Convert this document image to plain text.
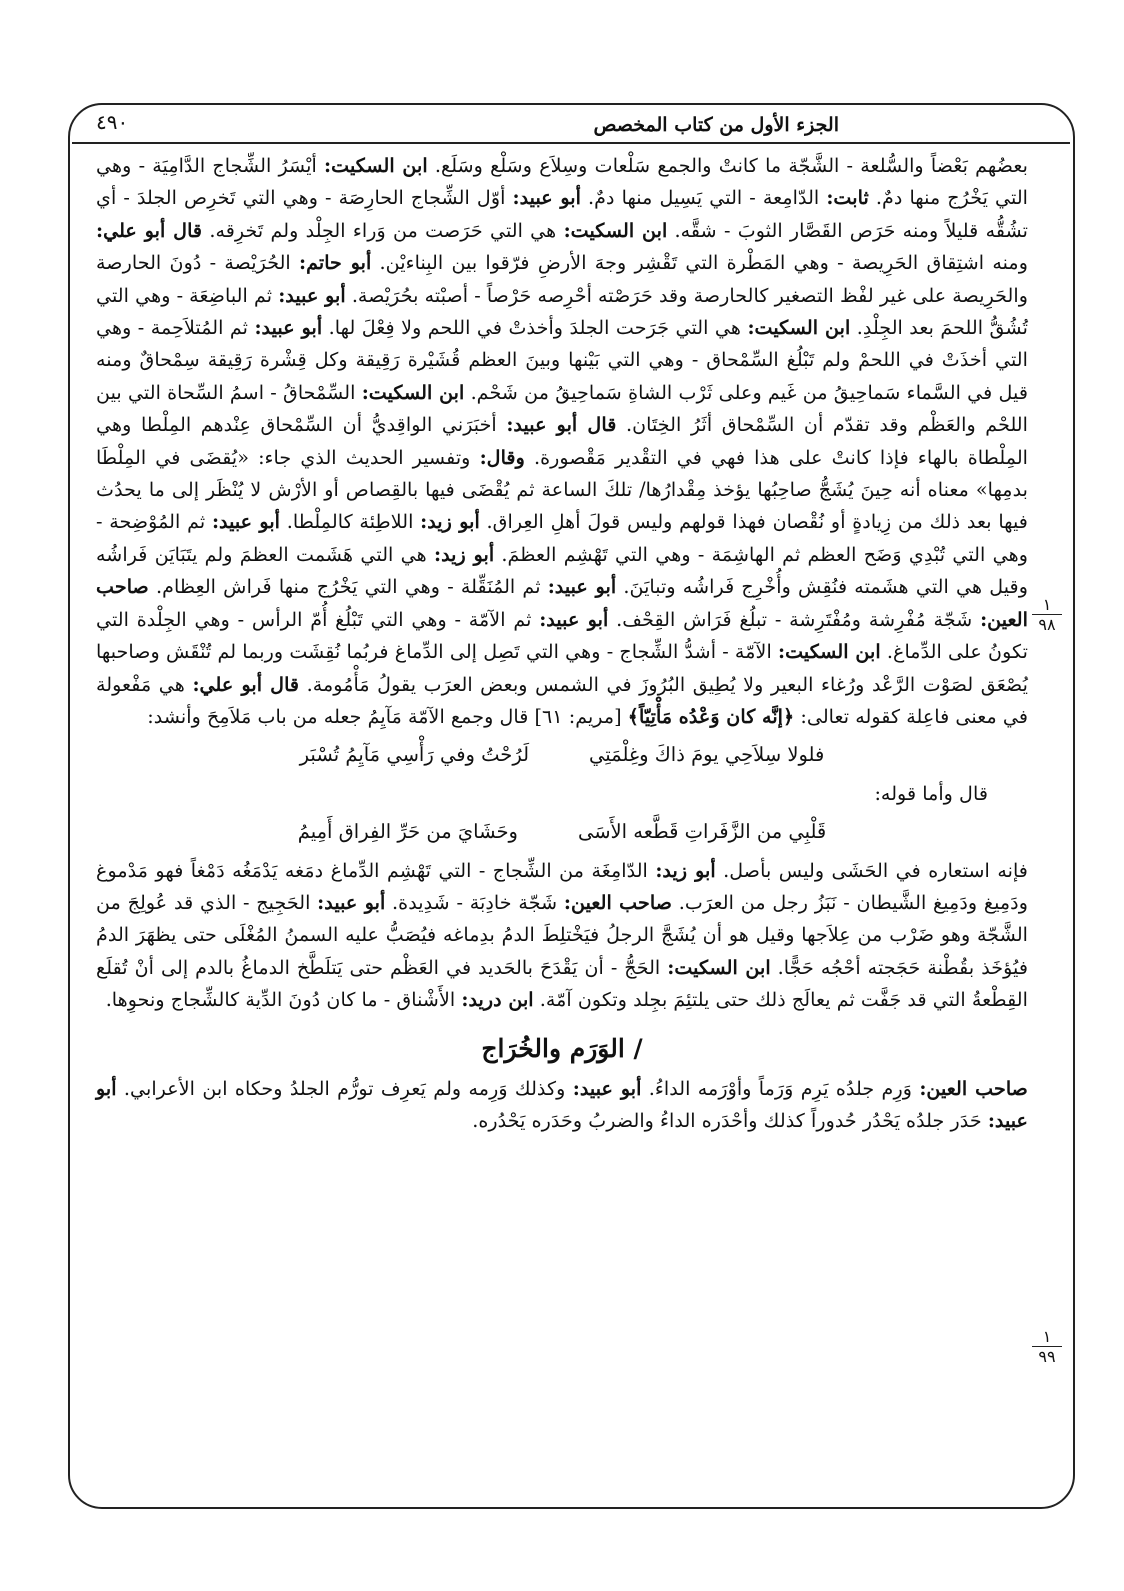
الجزء الأول من كتاب المخصص
٤٩٠

بعضُهم بَعْضاً والسُّلعة - الشَّجّة ما كانتْ والجمع سَلْعات وسِلاَع وسَلْع وسَلَع. ابن السكيت: أيْسَرُ الشِّجاج الدَّامِيَة - وهي التي يَخْرُج منها دمٌ. ثابت: الدّامِعة - التي يَسِيل منها دمٌ. أبو عبيد: أوّل الشِّجاج الحارِصَة - وهي التي تَخرِص الجلدَ - أي تشُقُّه قليلاً ومنه حَرَص القَصَّار الثوبَ - شقَّه. ابن السكيت: هي التي حَرَصت من وَراء الجِلْد ولم تَخرِقه. قال أبو علي: ومنه اشتِقاق الحَرِيصة - وهي المَطْرة التي تَقْشِر وجهَ الأرضِ فرّقوا بين البِناءيْن. أبو حاتم: الحُرَيْصة - دُونَ الحارصة والحَرِيصة على غير لفْظ التصغير كالحارصة وقد حَرَصْته أحْرِصه حَرْصاً - أصبْته بحُرَيْصة. أبو عبيد: ثم الباضِعَة - وهي التي تُشُقُّ اللحمَ بعد الجِلْدِ. ابن السكيت: هي التي جَرَحت الجلدَ وأخذتْ في اللحم ولا فِعْلَ لها. أبو عبيد: ثم المُتلاَحِمة - وهي التي أخذَتْ في اللحمْ ولم تَبْلُغ السِّمْحاق - وهي التي بَيْنها وبينَ العظم قُشَيْرة رَقِيقة وكل قِشْرة رَقِيقة سِمْحاقٌ ومنه قيل في السَّماء سَماحِيقُ من غَيم وعلى ثَرْب الشاةِ سَماحِيقُ من شَحْم. ابن السكيت: السِّمْحاقُ - اسمُ السِّحاة التي بين اللحْم والعَظْم وقد تقدّم أن السِّمْحاق أثَرُ الخِتَان. قال أبو عبيد: أخبَرَني الواقِديُّ أن السِّمْحاق عِنْدهم المِلْطا وهي المِلْطاة بالهاء فإذا كانتْ على هذا فهي في التقْدير مَقْصورة. وقال: وتفسير الحديث الذي جاء: «يُقضَى في المِلْطَا بدمِها» معناه أنه حِينَ يُشَجُّ صاحِبُها يؤخذ مِقْدارُها/ تلكَ الساعة ثم يُقْضَى فيها بالقِصاص أو الأرْش لا يُنْظَر إلى ما يحدُث فيها بعد ذلك من زِيادةٍ أو نُقْصان فهذا قولهم وليس قولَ أهلِ العِراق. أبو زيد: اللاطِئة كالمِلْطا. أبو عبيد: ثم المُوْضِحة - وهي التي تُبْدِي وَضَح العظم ثم الهاشِمَة - وهي التي تَهْشِم العظمَ. أبو زيد: هي التي هَشَمت العظمَ ولم يتَبَايَن فَراشُه وقيل هي التي هشَمته فنُقِش وأُخْرِج فَراشُه وتبايَنَ. أبو عبيد: ثم المُنَقِّلة - وهي التي يَخْرُج منها فَراش العِظام. صاحب العين: شَجّة مُفْرِشة ومُفْتَرِشة - تبلُغ فَرَاش القِحْف. أبو عبيد: ثم الآمّة - وهي التي تَبْلُغ أُمّ الرأس - وهي الجِلْدة التي تكونُ على الدِّماغ. ابن السكيت: الآمّة - أشدُّ الشِّجاج - وهي التي تَصِل إلى الدِّماغ فربُما نُقِشَت وربما لم تُنْقَش وصاحبها يُصْعَق لصَوْت الرَّعْد ورُغاء البعير ولا يُطِيق البُرُوزَ في الشمس وبعض العرَب يقولُ مَأْمُومة. قال أبو علي: هي مَفْعولة في معنى فاعِلة كقوله تعالى: ﴿إنَّه كان وَعْدُه مَأْتِيّاً﴾ [مريم: ٦١] قال وجمع الآمّة مَآيِمُ جعله من باب مَلاَمِحَ وأنشد:

فلولا سِلاَحِي يومَ ذاكَ وغِلْمَتِي
لَرُحْتُ وفي رَأْسِي مَآيِمُ تُسْبَر

قال وأما قوله:

قَلْبِي من الزَّفَراتِ قَطَّعه الأَسَى
وحَشَايَ من حَرِّ الفِراق أَمِيمُ

فإنه استعاره في الحَشَى وليس بأصل. أبو زيد: الدّامِغَة من الشِّجاج - التي تَهْشِم الدِّماغ دمَغه يَدْمَغُه دَمْغاً فهو مَدْموغ ودَمِيغ ودَمِيغ الشَّيطان - نَبَزُ رجل من العرَب. صاحب العين: شَجّة خادِبَة - شَدِيدة. أبو عبيد: الحَجِيج - الذي قد عُولِجَ من الشَّجّة وهو ضَرْب من عِلاَجها وقيل هو أن يُشَجَّ الرجلُ فيَخْتلِطَ الدمُ بدِماغه فيُصَبُّ عليه السمنُ المُغْلَى حتى يظهَرَ الدمُ فيُؤخَذ بقُطْنة حَجَجته أحْجُه حَجًّا. ابن السكيت: الحَجُّ - أن يَقْدَحَ بالحَديد في العَظْم حتى يَتلَطَّخ الدماغُ بالدم إلى أنْ تُقلَع القِطْعةُ التي قد جَفَّت ثم يعالَج ذلك حتى يلتئِمَ بجِلد وتكون آمّة. ابن دريد: الأَشْناق - ما كان دُونَ الدِّية كالشِّجاج ونحوِها.

/ الوَرَم والخُرَاج

صاحب العين: وَرِم جلدُه يَرِم وَرَماً وأوْرَمه الداءُ. أبو عبيد: وكذلك وَرِمه ولم يَعرِف تورُّم الجلدُ وحكاه ابن الأعرابي. أبو عبيد: حَدَر جلدُه يَحْدُر حُدوراً كذلك وأحْدَره الداءُ والضربُ وحَدَره يَحْدُره.

١
٩٨
١
٩٩
